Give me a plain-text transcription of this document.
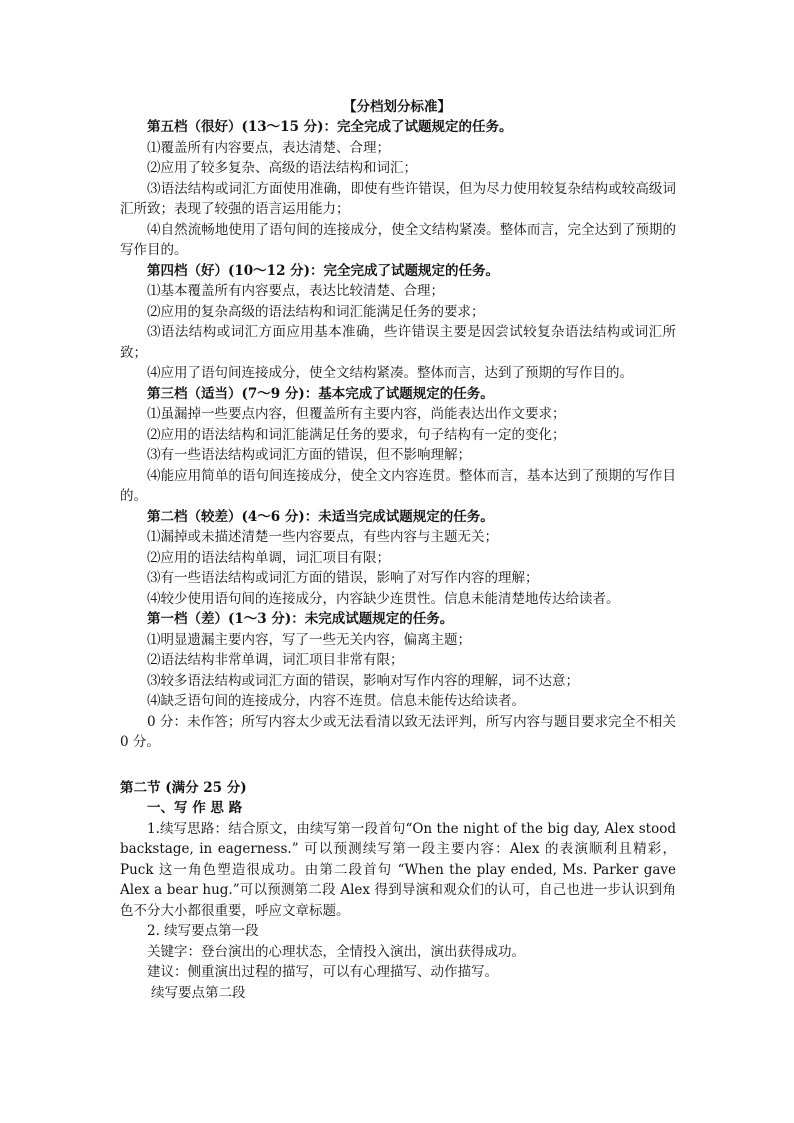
【分档划分标准】

第五档（很好）(13～15 分)：完全完成了试题规定的任务。

⑴覆盖所有内容要点，表达清楚、合理；

⑵应用了较多复杂、高级的语法结构和词汇；

⑶语法结构或词汇方面使用准确，即使有些许错误，但为尽力使用较复杂结构或较高级词汇所致；表现了较强的语言运用能力；

⑷自然流畅地使用了语句间的连接成分，使全文结构紧凑。整体而言，完全达到了预期的写作目的。

第四档（好）(10～12 分)：完全完成了试题规定的任务。

⑴基本覆盖所有内容要点，表达比较清楚、合理；

⑵应用的复杂高级的语法结构和词汇能满足任务的要求；

⑶语法结构或词汇方面应用基本准确，些许错误主要是因尝试较复杂语法结构或词汇所致；

⑷应用了语句间连接成分，使全文结构紧凑。整体而言，达到了预期的写作目的。

第三档（适当）(7～9 分)：基本完成了试题规定的任务。

⑴虽漏掉一些要点内容，但覆盖所有主要内容，尚能表达出作文要求；

⑵应用的语法结构和词汇能满足任务的要求，句子结构有一定的变化；

⑶有一些语法结构或词汇方面的错误，但不影响理解；

⑷能应用简单的语句间连接成分，使全文内容连贯。整体而言，基本达到了预期的写作目的。

第二档（较差）(4～6 分)：未适当完成试题规定的任务。

⑴漏掉或未描述清楚一些内容要点，有些内容与主题无关；

⑵应用的语法结构单调，词汇项目有限；

⑶有一些语法结构或词汇方面的错误，影响了对写作内容的理解；

⑷较少使用语句间的连接成分，内容缺少连贯性。信息未能清楚地传达给读者。

第一档（差）(1～3 分)：未完成试题规定的任务。

⑴明显遗漏主要内容，写了一些无关内容，偏离主题；

⑵语法结构非常单调，词汇项目非常有限；

⑶较多语法结构或词汇方面的错误，影响对写作内容的理解，词不达意；

⑷缺乏语句间的连接成分，内容不连贯。信息未能传达给读者。

0 分：未作答；所写内容太少或无法看清以致无法评判，所写内容与题目要求完全不相关 0 分。

第二节 (满分 25 分)

一、写 作 思 路

1.续写思路：结合原文，由续写第一段首句“On the night of the big day, Alex stood backstage, in eagerness.” 可以预测续写第一段主要内容：Alex 的表演顺利且精彩，Puck 这一角色塑造很成功。由第二段首句 “When the play ended, Ms. Parker gave Alex a bear hug.”可以预测第二段 Alex 得到导演和观众们的认可，自己也进一步认识到角色不分大小都很重要，呼应文章标题。

2. 续写要点第一段

关键字：登台演出的心理状态，全情投入演出，演出获得成功。

建议：侧重演出过程的描写，可以有心理描写、动作描写。

续写要点第二段
